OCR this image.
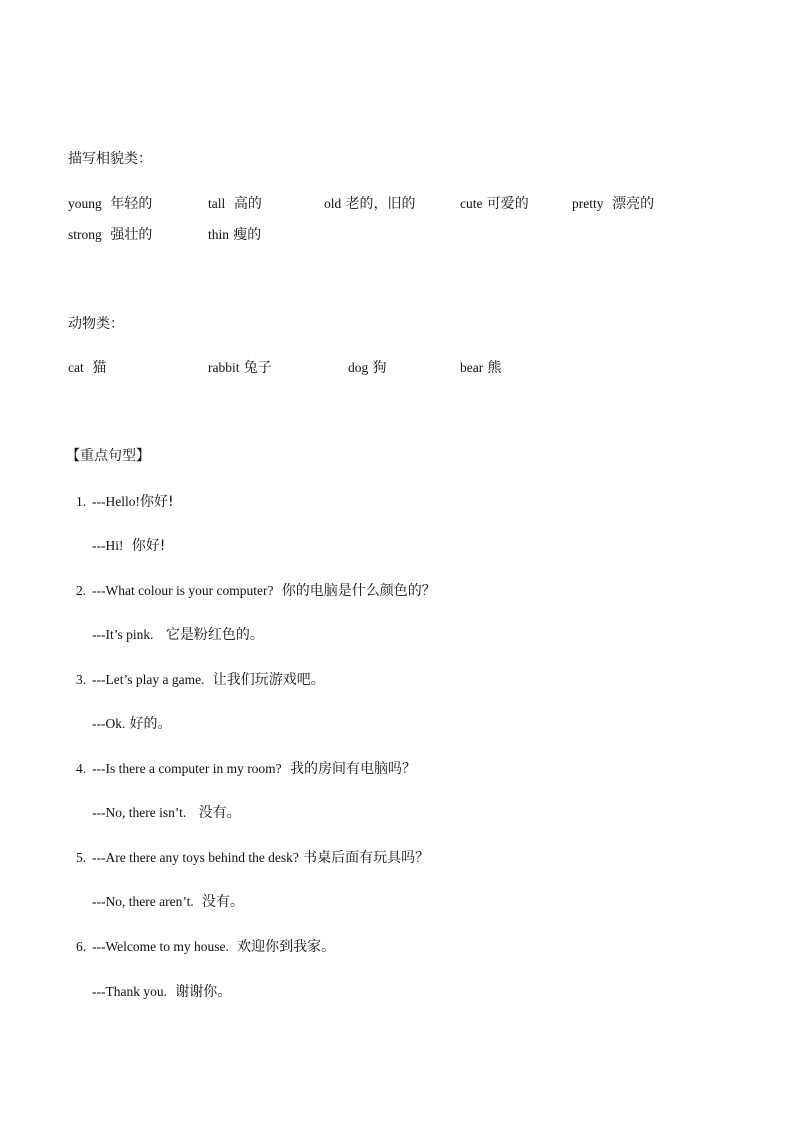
描写相貌类：
young 年轻的	tall 高的	old 老的，旧的	cute 可爱的	pretty 漂亮的
strong 强壮的	thin 瘦的
动物类：
cat 猫	rabbit 兔子	dog 狗	bear 熊
【重点句型】
1. ---Hello!你好!
---Hi! 你好!
2. ---What colour is your computer? 你的电脑是什么颜色的？
---It’s pink. 它是粉红色的。
3. ---Let’s play a game. 让我们玩游戏吧。
---Ok. 好的。
4. ---Is there a computer in my room? 我的房间有电脑吗？
---No, there isn’t. 没有。
5. ---Are there any toys behind the desk? 书桌后面有玩具吗？
---No, there aren’t. 没有。
6. ---Welcome to my house. 欢迎你到我家。
---Thank you. 谢谢你。
